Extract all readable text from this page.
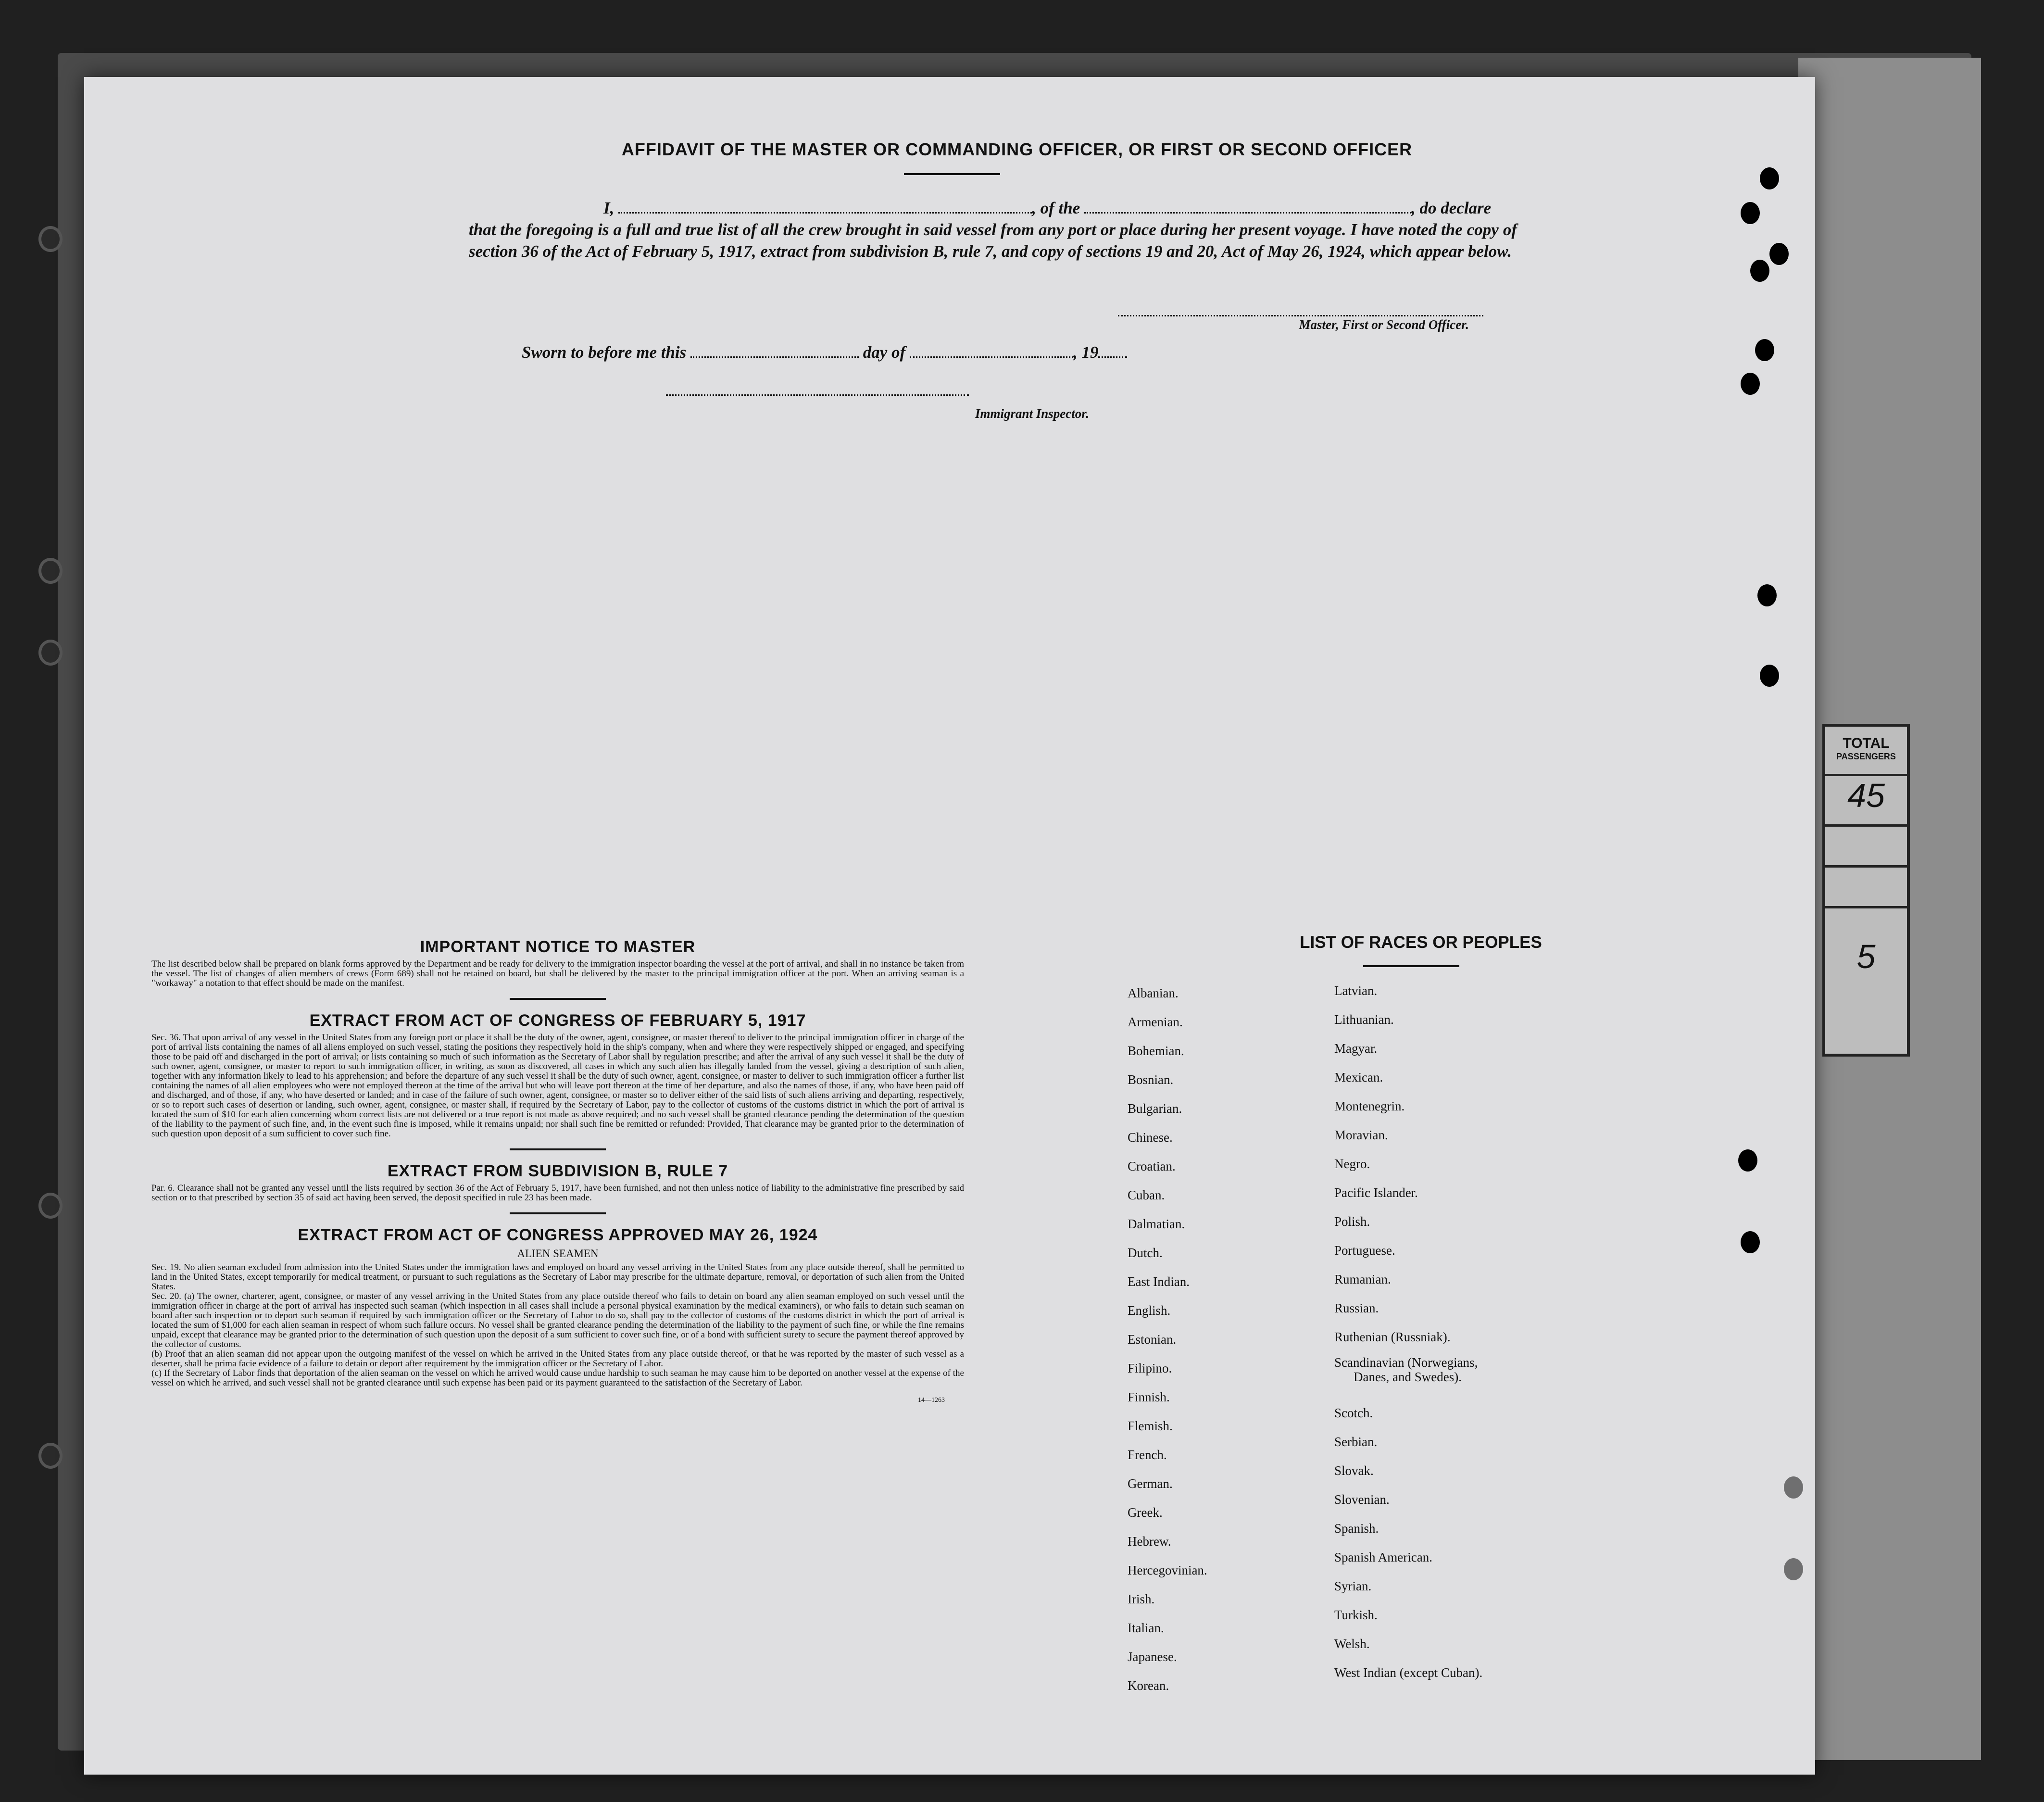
AFFIDAVIT OF THE MASTER OR COMMANDING OFFICER, OR FIRST OR SECOND OFFICER
I,	, of the	, do declare
that the foregoing is a full and true list of all the crew brought in said vessel from any port or place during her present voyage. I have noted the copy of section 36 of the Act of February 5, 1917, extract from subdivision B, rule 7, and copy of sections 19 and 20, Act of May 26, 1924, which appear below.
Master, First or Second Officer.
Sworn to before me this	day of	, 19
Immigrant Inspector.
IMPORTANT NOTICE TO MASTER

The list described below shall be prepared on blank forms approved by the Department and be ready for delivery to the immigration inspector boarding the vessel at the port of arrival, and shall in no instance be taken from the vessel. The list of changes of alien members of crews (Form 689) shall not be retained on board, but shall be delivered by the master to the principal immigration officer at the port. When an arriving seaman is a "workaway" a notation to that effect should be made on the manifest.

EXTRACT FROM ACT OF CONGRESS OF FEBRUARY 5, 1917

Sec. 36. That upon arrival of any vessel in the United States from any foreign port or place it shall be the duty of the owner, agent, consignee, or master thereof to deliver to the principal immigration officer in charge of the port of arrival lists containing the names of all aliens employed on such vessel, stating the positions they respectively hold in the ship's company, when and where they were respectively shipped or engaged, and specifying those to be paid off and discharged in the port of arrival; or lists containing so much of such information as the Secretary of Labor shall by regulation prescribe; and after the arrival of any such vessel it shall be the duty of such owner, agent, consignee, or master to report to such immigration officer, in writing, as soon as discovered, all cases in which any such alien has illegally landed from the vessel, giving a description of such alien, together with any information likely to lead to his apprehension; and before the departure of any such vessel it shall be the duty of such owner, agent, consignee, or master to deliver to such immigration officer a further list containing the names of all alien employees who were not employed thereon at the time of the arrival but who will leave port thereon at the time of her departure, and also the names of those, if any, who have been paid off and discharged, and of those, if any, who have deserted or landed; and in case of the failure of such owner, agent, consignee, or master so to deliver either of the said lists of such aliens arriving and departing, respectively, or so to report such cases of desertion or landing, such owner, agent, consignee, or master shall, if required by the Secretary of Labor, pay to the collector of customs of the customs district in which the port of arrival is located the sum of $10 for each alien concerning whom correct lists are not delivered or a true report is not made as above required; and no such vessel shall be granted clearance pending the determination of the question of the liability to the payment of such fine, and, in the event such fine is imposed, while it remains unpaid; nor shall such fine be remitted or refunded: Provided, That clearance may be granted prior to the determination of such question upon deposit of a sum sufficient to cover such fine.

EXTRACT FROM SUBDIVISION B, RULE 7

Par. 6. Clearance shall not be granted any vessel until the lists required by section 36 of the Act of February 5, 1917, have been furnished, and not then unless notice of liability to the administrative fine prescribed by said section or to that prescribed by section 35 of said act having been served, the deposit specified in rule 23 has been made.

EXTRACT FROM ACT OF CONGRESS APPROVED MAY 26, 1924
ALIEN SEAMEN

Sec. 19. No alien seaman excluded from admission into the United States under the immigration laws and employed on board any vessel arriving in the United States from any place outside thereof, shall be permitted to land in the United States, except temporarily for medical treatment, or pursuant to such regulations as the Secretary of Labor may prescribe for the ultimate departure, removal, or deportation of such alien from the United States.

Sec. 20. (a) The owner, charterer, agent, consignee, or master of any vessel arriving in the United States from any place outside thereof who fails to detain on board any alien seaman employed on such vessel until the immigration officer in charge at the port of arrival has inspected such seaman (which inspection in all cases shall include a personal physical examination by the medical examiners), or who fails to detain such seaman on board after such inspection or to deport such seaman if required by such immigration officer or the Secretary of Labor to do so, shall pay to the collector of customs of the customs district in which the port of arrival is located the sum of $1,000 for each alien seaman in respect of whom such failure occurs. No vessel shall be granted clearance pending the determination of the liability to the payment of such fine, or while the fine remains unpaid, except that clearance may be granted prior to the determination of such question upon the deposit of a sum sufficient to cover such fine, or of a bond with sufficient surety to secure the payment thereof approved by the collector of customs.

(b) Proof that an alien seaman did not appear upon the outgoing manifest of the vessel on which he arrived in the United States from any place outside thereof, or that he was reported by the master of such vessel as a deserter, shall be prima facie evidence of a failure to detain or deport after requirement by the immigration officer or the Secretary of Labor.

(c) If the Secretary of Labor finds that deportation of the alien seaman on the vessel on which he arrived would cause undue hardship to such seaman he may cause him to be deported on another vessel at the expense of the vessel on which he arrived, and such vessel shall not be granted clearance until such expense has been paid or its payment guaranteed to the satisfaction of the Secretary of Labor.

14—1263
LIST OF RACES OR PEOPLES
Albanian.
Armenian.
Bohemian.
Bosnian.
Bulgarian.
Chinese.
Croatian.
Cuban.
Dalmatian.
Dutch.
East Indian.
English.
Estonian.
Filipino.
Finnish.
Flemish.
French.
German.
Greek.
Hebrew.
Hercegovinian.
Irish.
Italian.
Japanese.
Korean.
Latvian.
Lithuanian.
Magyar.
Mexican.
Montenegrin.
Moravian.
Negro.
Pacific Islander.
Polish.
Portuguese.
Rumanian.
Russian.
Ruthenian (Russniak).
Scandinavian (Norwegians,
Danes, and Swedes).
Scotch.
Serbian.
Slovak.
Slovenian.
Spanish.
Spanish American.
Syrian.
Turkish.
Welsh.
West Indian (except Cuban).
TOTAL
PASSENGERS
45
5
